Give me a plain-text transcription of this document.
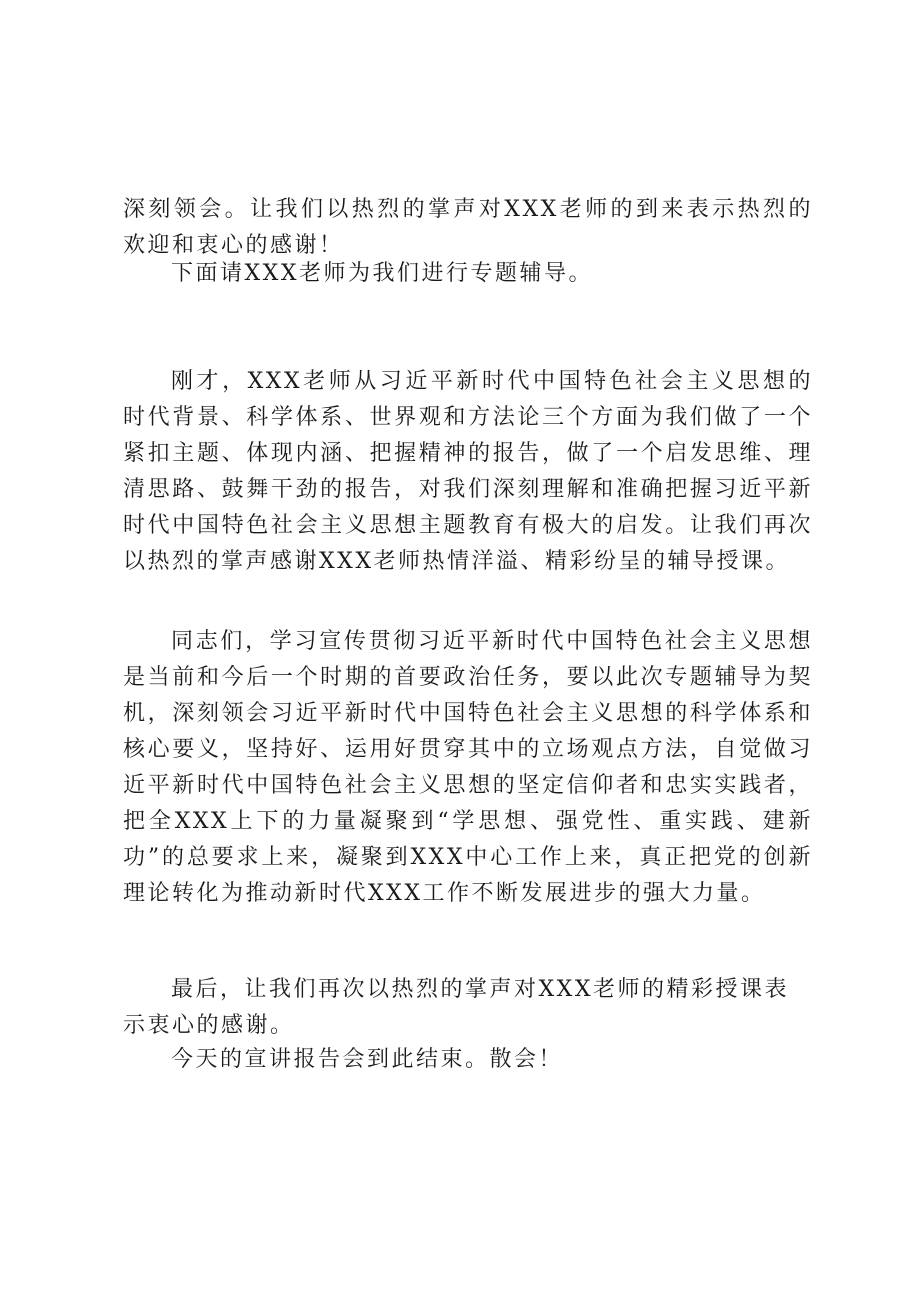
深刻领会。让我们以热烈的掌声对XXX老师的到来表示热烈的欢迎和衷心的感谢！

下面请XXX老师为我们进行专题辅导。

刚才，XXX老师从习近平新时代中国特色社会主义思想的时代背景、科学体系、世界观和方法论三个方面为我们做了一个紧扣主题、体现内涵、把握精神的报告，做了一个启发思维、理清思路、鼓舞干劲的报告，对我们深刻理解和准确把握习近平新时代中国特色社会主义思想主题教育有极大的启发。让我们再次以热烈的掌声感谢XXX老师热情洋溢、精彩纷呈的辅导授课。

同志们，学习宣传贯彻习近平新时代中国特色社会主义思想是当前和今后一个时期的首要政治任务，要以此次专题辅导为契机，深刻领会习近平新时代中国特色社会主义思想的科学体系和核心要义，坚持好、运用好贯穿其中的立场观点方法，自觉做习近平新时代中国特色社会主义思想的坚定信仰者和忠实实践者，把全XXX上下的力量凝聚到“学思想、强党性、重实践、建新功”的总要求上来，凝聚到XXX中心工作上来，真正把党的创新理论转化为推动新时代XXX工作不断发展进步的强大力量。

最后，让我们再次以热烈的掌声对XXX老师的精彩授课表
示衷心的感谢。

今天的宣讲报告会到此结束。散会！
